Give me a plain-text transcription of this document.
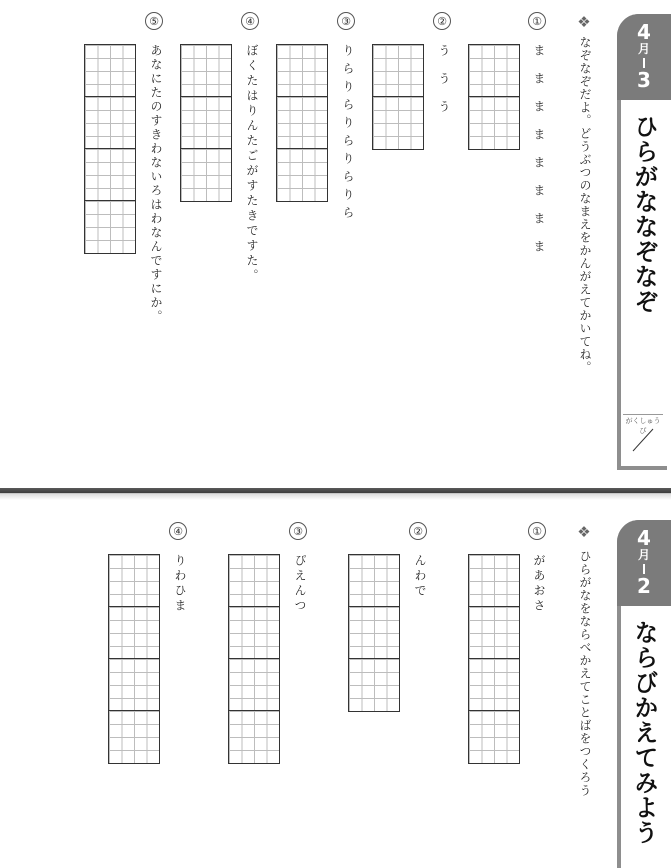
4
月
3
ひらがななぞなぞ
がくしゅうび
❖
なぞなぞだよ。どうぶつのなまえをかんがえてかいてね。
①
まままままままま
②
ううう
③
りらりらりらりらりら
④
ぼくたはりんたごがすたきですた。
⑤
あなにたのすきわないろはわなんですにか。
4
月
2
ならびかえてみよう
❖
ひらがなをならべかえてことばをつくろう
①
があおさ
②
んわで
③
ぴえんつ
④
りわひま
